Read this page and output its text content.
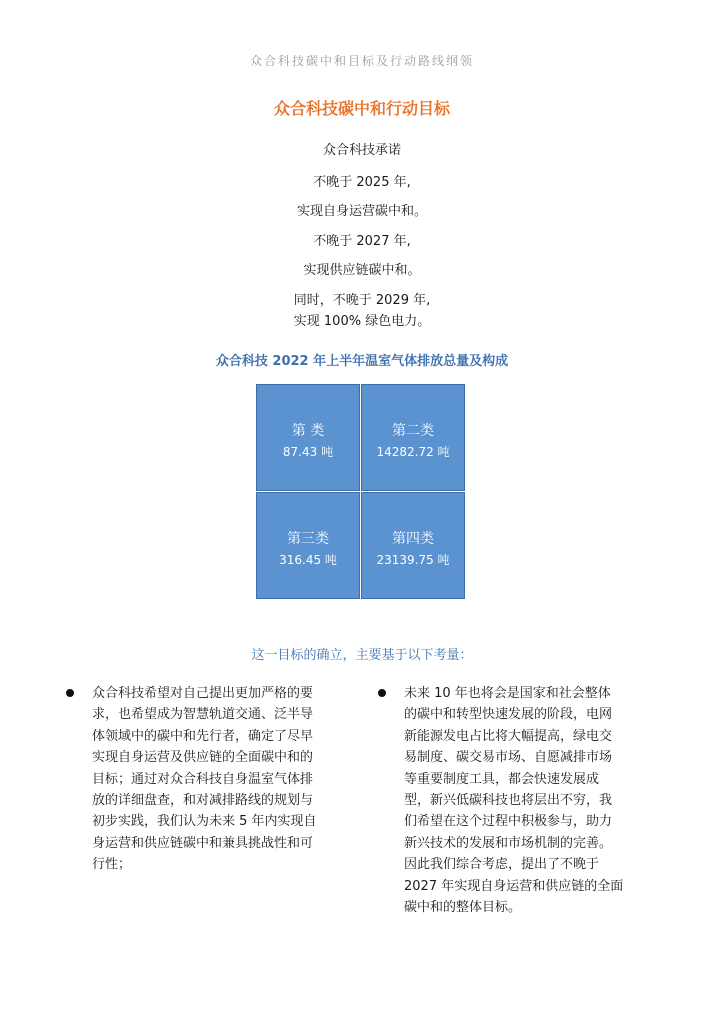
众合科技碳中和目标及行动路线纲领
众合科技碳中和行动目标
众合科技承诺
不晚于 2025 年,
实现自身运营碳中和。
不晚于 2027 年,
实现供应链碳中和。
同时，不晚于 2029 年,
实现 100% 绿色电力。
众合科技 2022 年上半年温室气体排放总量及构成
第 类
87.43 吨
第二类
14282.72 吨
第三类
316.45 吨
第四类
23139.75 吨
这一目标的确立，主要基于以下考量：
众合科技希望对自己提出更加严格的要
求，也希望成为智慧轨道交通、泛半导
体领域中的碳中和先行者，确定了尽早
实现自身运营及供应链的全面碳中和的
目标；通过对众合科技自身温室气体排
放的详细盘查，和对减排路线的规划与
初步实践，我们认为未来 5 年内实现自
身运营和供应链碳中和兼具挑战性和可
行性；
未来 10 年也将会是国家和社会整体
的碳中和转型快速发展的阶段，电网
新能源发电占比将大幅提高，绿电交
易制度、碳交易市场、自愿减排市场
等重要制度工具，都会快速发展成
型，新兴低碳科技也将层出不穷，我
们希望在这个过程中积极参与，助力
新兴技术的发展和市场机制的完善。
因此我们综合考虑，提出了不晚于
2027 年实现自身运营和供应链的全面
碳中和的整体目标。
